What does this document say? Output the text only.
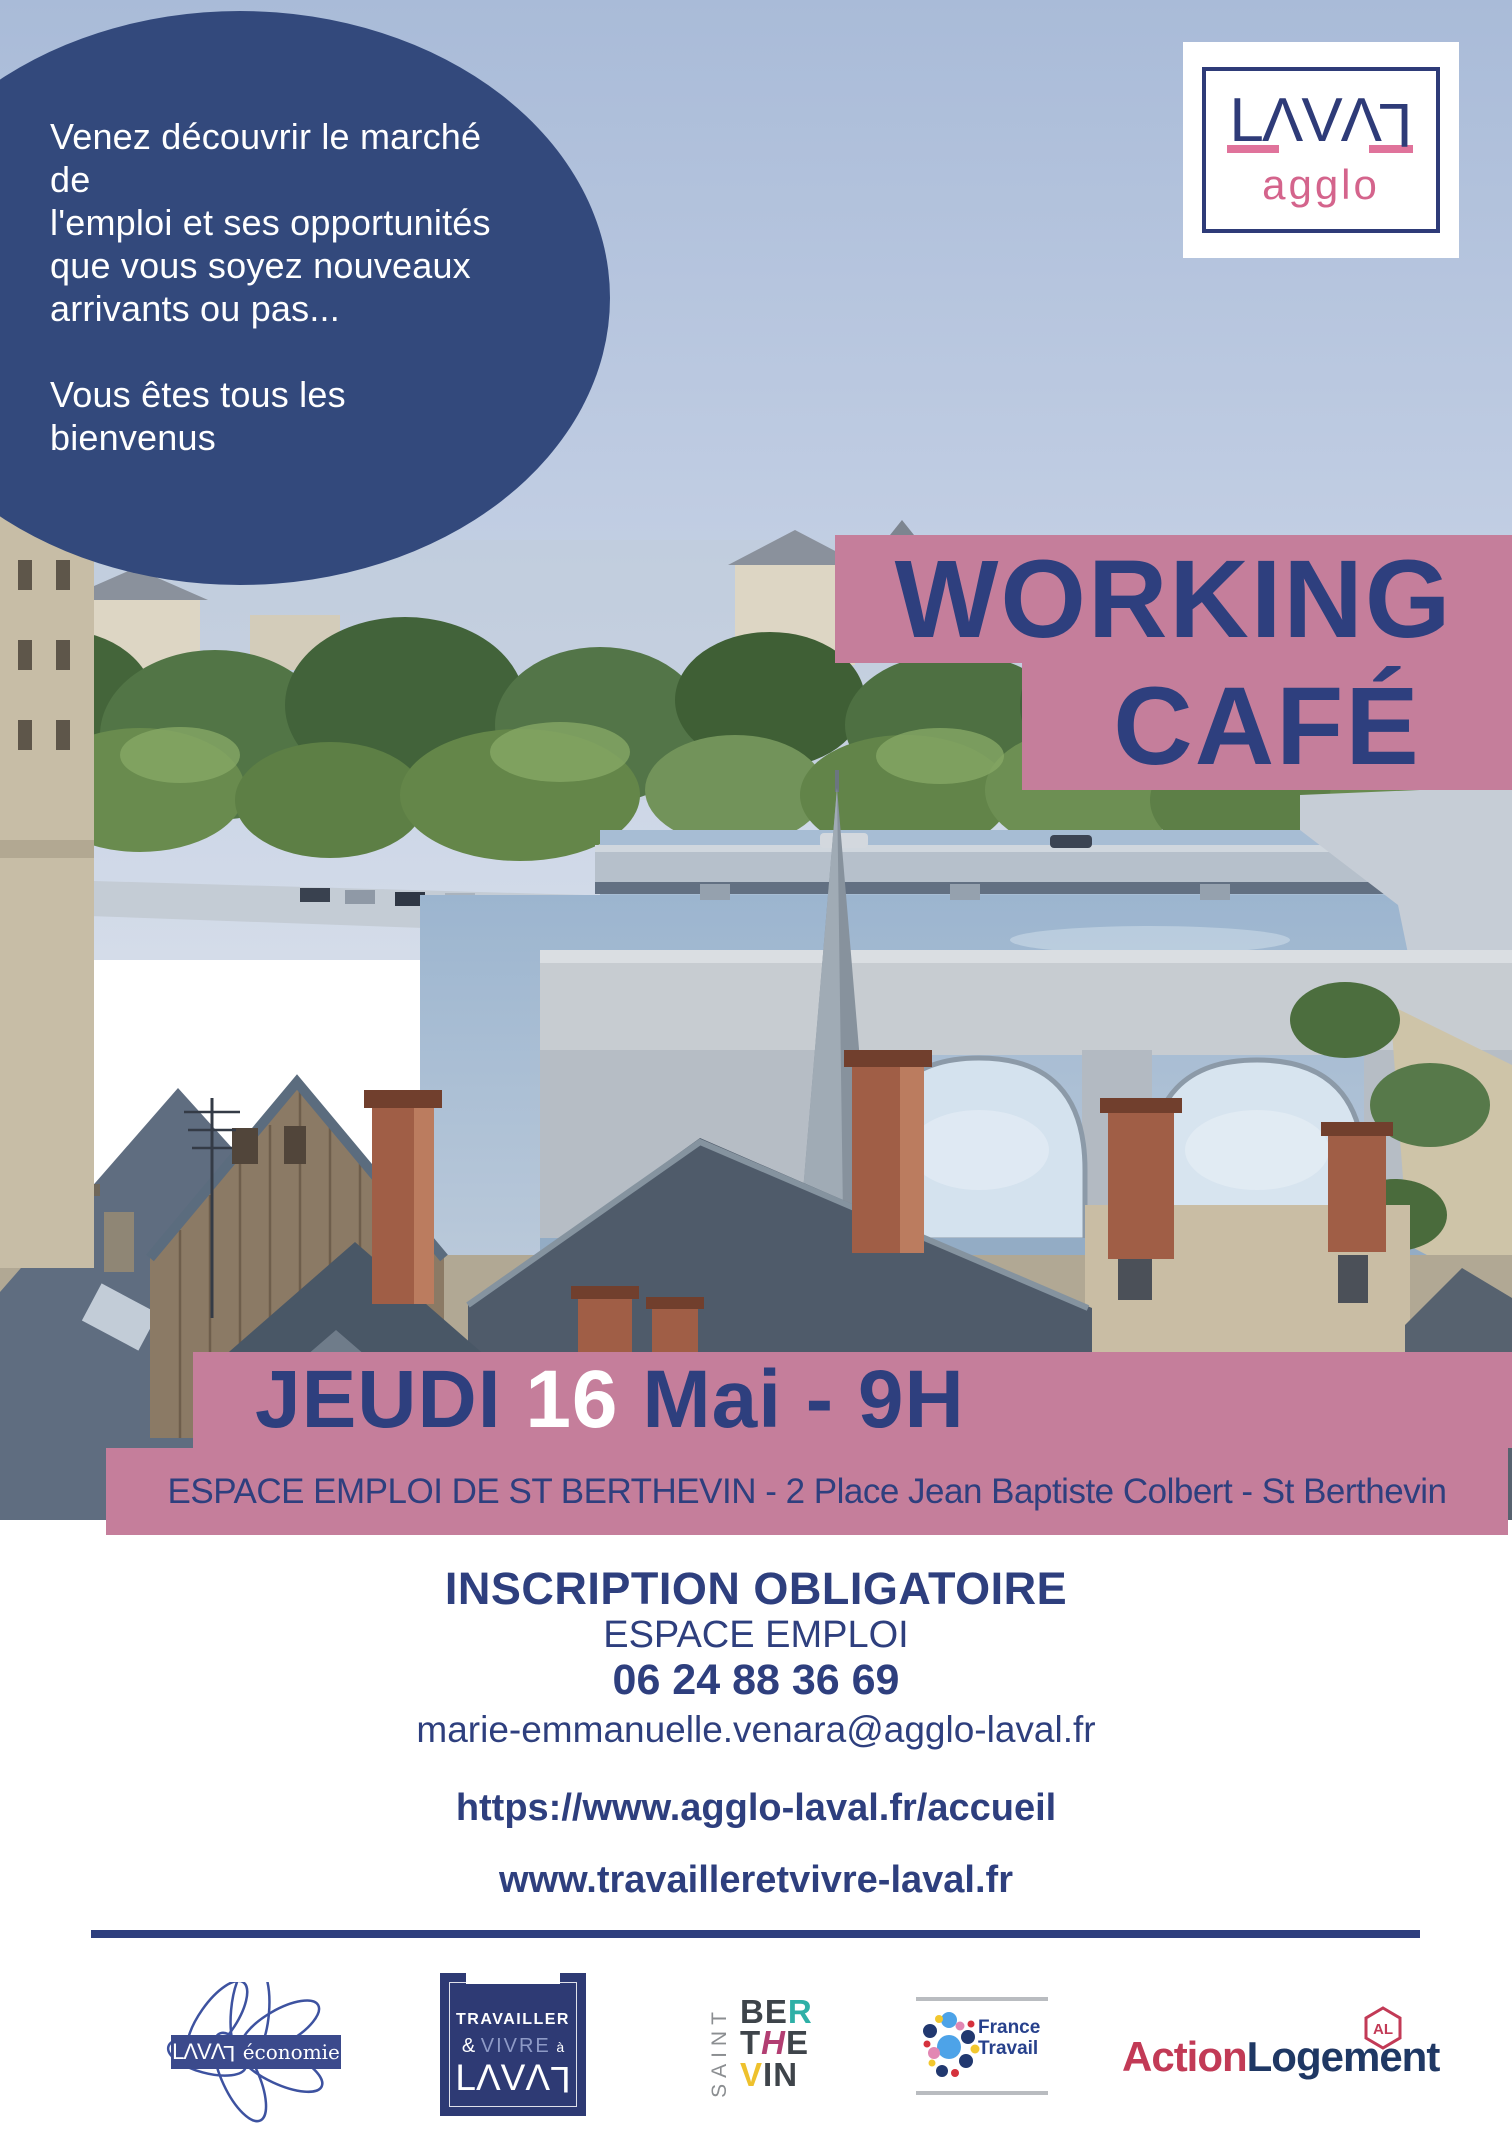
Venez découvrir le marché de
l'emploi et ses opportunités
que vous soyez nouveaux
arrivants ou pas...
Vous êtes tous les bienvenus
LΛVΛL
agglo
WORKING
CAFÉ
JEUDI 16 Mai - 9H
ESPACE EMPLOI DE ST BERTHEVIN - 2 Place Jean Baptiste Colbert - St Berthevin
INSCRIPTION OBLIGATOIRE
ESPACE EMPLOI
06 24 88 36 69
marie-emmanuelle.venara@agglo-laval.fr
https://www.agglo-laval.fr/accueil
www.travailleretvivre-laval.fr
LΛVΛL économie
TRAVAILLER
& VIVRE à
LΛVΛL	SAINT BER
THE
VIN
France
Travail ActionLogement
AL
